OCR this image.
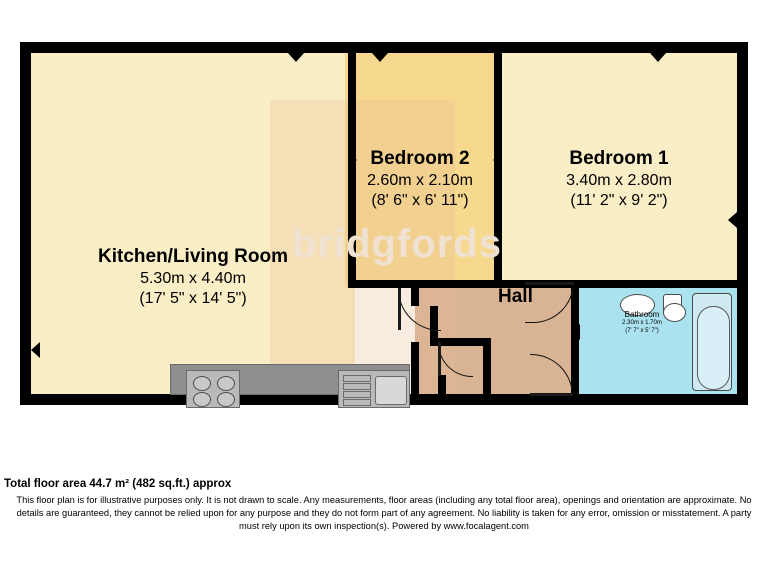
bridgfords
Kitchen/Living Room
5.30m x 4.40m
(17' 5" x 14' 5")
Bedroom 2
2.60m x 2.10m
(8' 6" x 6' 11")
Bedroom 1
3.40m x 2.80m
(11' 2" x 9' 2")
Bathroom
2.30m x 1.70m
(7' 7" x 5' 7")
Hall
Total floor area 44.7 m² (482 sq.ft.) approx
This floor plan is for illustrative purposes only. It is not drawn to scale. Any measurements, floor areas (including any total floor area), openings and orientation are approximate. No
details are guaranteed, they cannot be relied upon for any purpose and they do not form part of any agreement. No liability is taken for any error, omission or misstatement. A party
must rely upon its own inspection(s). Powered by www.focalagent.com
